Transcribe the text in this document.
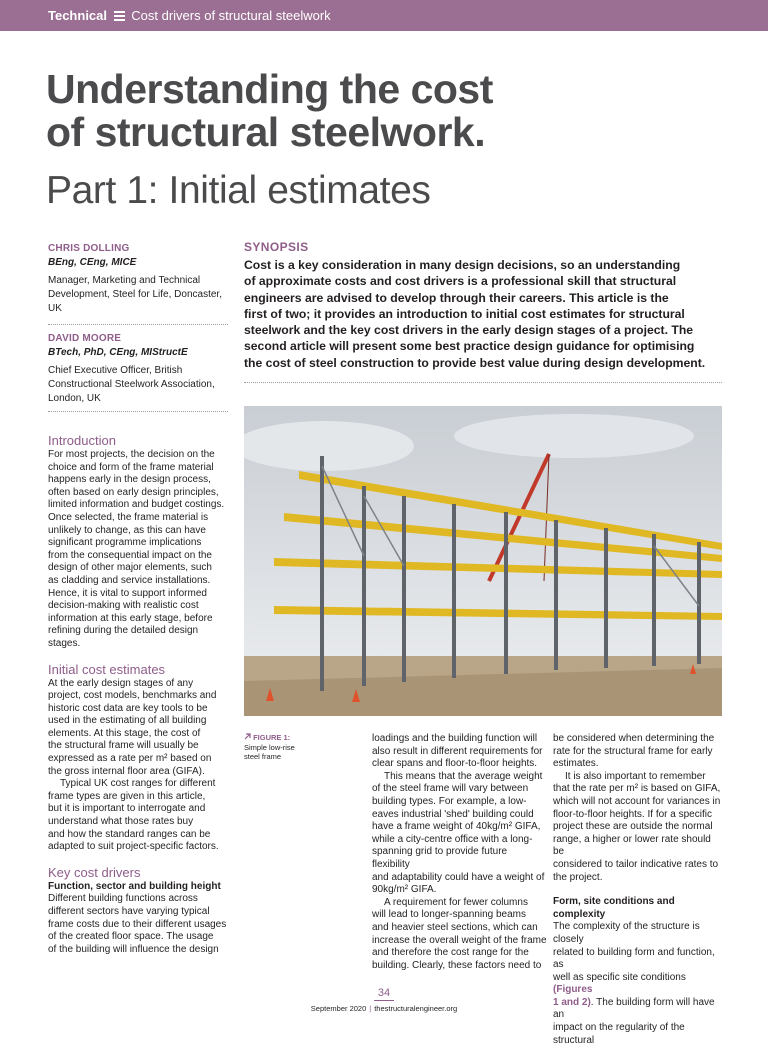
Technical Cost drivers of structural steelwork
Understanding the cost
of structural steelwork.
Part 1: Initial estimates
CHRIS DOLLING
BEng, CEng, MICE
Manager, Marketing and Technical
Development, Steel for Life, Doncaster,
UK
DAVID MOORE
BTech, PhD, CEng, MIStructE
Chief Executive Officer, British
Constructional Steelwork Association,
London, UK
SYNOPSIS
Cost is a key consideration in many design decisions, so an understanding
of approximate costs and cost drivers is a professional skill that structural
engineers are advised to develop through their careers. This article is the
first of two; it provides an introduction to initial cost estimates for structural
steelwork and the key cost drivers in the early design stages of a project. The
second article will present some best practice design guidance for optimising
the cost of steel construction to provide best value during design development.
Introduction

For most projects, the decision on the
choice and form of the frame material
happens early in the design process,
often based on early design principles,
limited information and budget costings.
Once selected, the frame material is
unlikely to change, as this can have
significant programme implications
from the consequential impact on the
design of other major elements, such
as cladding and service installations.
Hence, it is vital to support informed
decision-making with realistic cost
information at this early stage, before
refining during the detailed design
stages.

Initial cost estimates

At the early design stages of any
project, cost models, benchmarks and
historic cost data are key tools to be
used in the estimating of all building
elements. At this stage, the cost of
the structural frame will usually be
expressed as a rate per m² based on
the gross internal floor area (GIFA).

Typical UK cost ranges for different
frame types are given in this article,
but it is important to interrogate and
understand what those rates buy
and how the standard ranges can be
adapted to suit project-specific factors.

Key cost drivers

Function, sector and building height

Different building functions across
different sectors have varying typical
frame costs due to their different usages
of the created floor space. The usage
of the building will influence the design

FIGURE 1:
Simple low-rise
steel frame

loadings and the building function will
also result in different requirements for
clear spans and floor-to-floor heights.

This means that the average weight
of the steel frame will vary between
building types. For example, a low-
eaves industrial 'shed' building could
have a frame weight of 40kg/m² GIFA,
while a city-centre office with a long-
spanning grid to provide future flexibility
and adaptability could have a weight of
90kg/m² GIFA.

A requirement for fewer columns
will lead to longer-spanning beams
and heavier steel sections, which can
increase the overall weight of the frame
and therefore the cost range for the
building. Clearly, these factors need to

be considered when determining the
rate for the structural frame for early
estimates.

It is also important to remember
that the rate per m² is based on GIFA,
which will not account for variances in
floor-to-floor heights. If for a specific
project these are outside the normal
range, a higher or lower rate should be
considered to tailor indicative rates to
the project.

Form, site conditions and complexity

The complexity of the structure is closely
related to building form and function, as
well as specific site conditions (Figures
1 and 2). The building form will have an
impact on the regularity of the structural

34
September 2020 | thestructuralengineer.org
